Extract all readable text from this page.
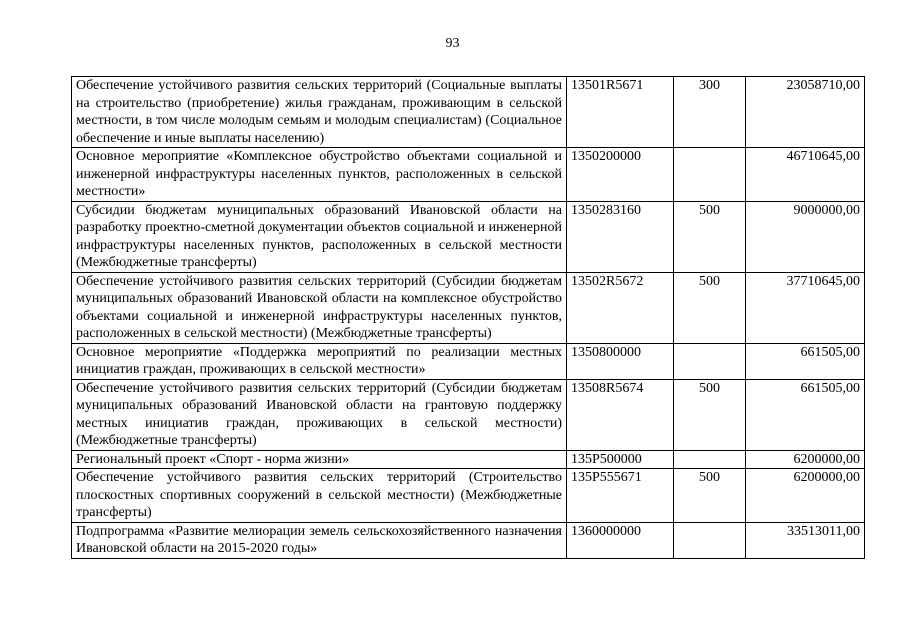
93
Обеспечение устойчивого развития сельских территорий (Социальные выплаты на строительство (приобретение) жилья гражданам, проживающим в сельской местности, в том числе молодым семьям и молодым специалистам) (Социальное обеспечение и иные выплаты населению)	13501R5671	300	23058710,00
Основное мероприятие «Комплексное обустройство объектами социальной и инженерной инфраструктуры населенных пунктов, расположенных в сельской местности»	1350200000		46710645,00
Субсидии бюджетам муниципальных образований Ивановской области на разработку проектно-сметной документации объектов социальной и инженерной инфраструктуры населенных пунктов, расположенных в сельской местности (Межбюджетные трансферты)	1350283160	500	9000000,00
Обеспечение устойчивого развития сельских территорий (Субсидии бюджетам муниципальных образований Ивановской области на комплексное обустройство объектами социальной и инженерной инфраструктуры населенных пунктов, расположенных в сельской местности) (Межбюджетные трансферты)	13502R5672	500	37710645,00
Основное мероприятие «Поддержка мероприятий по реализации местных инициатив граждан, проживающих в сельской местности»	1350800000		661505,00
Обеспечение устойчивого развития сельских территорий (Субсидии бюджетам муниципальных образований Ивановской области на грантовую поддержку местных инициатив граждан, проживающих в сельской местности) (Межбюджетные трансферты)	13508R5674	500	661505,00
Региональный проект «Спорт - норма жизни»	135P500000		6200000,00
Обеспечение устойчивого развития сельских территорий (Строительство плоскостных спортивных сооружений в сельской местности) (Межбюджетные трансферты)	135P555671	500	6200000,00
Подпрограмма «Развитие мелиорации земель сельскохозяйственного назначения Ивановской области на 2015-2020 годы»	1360000000		33513011,00
